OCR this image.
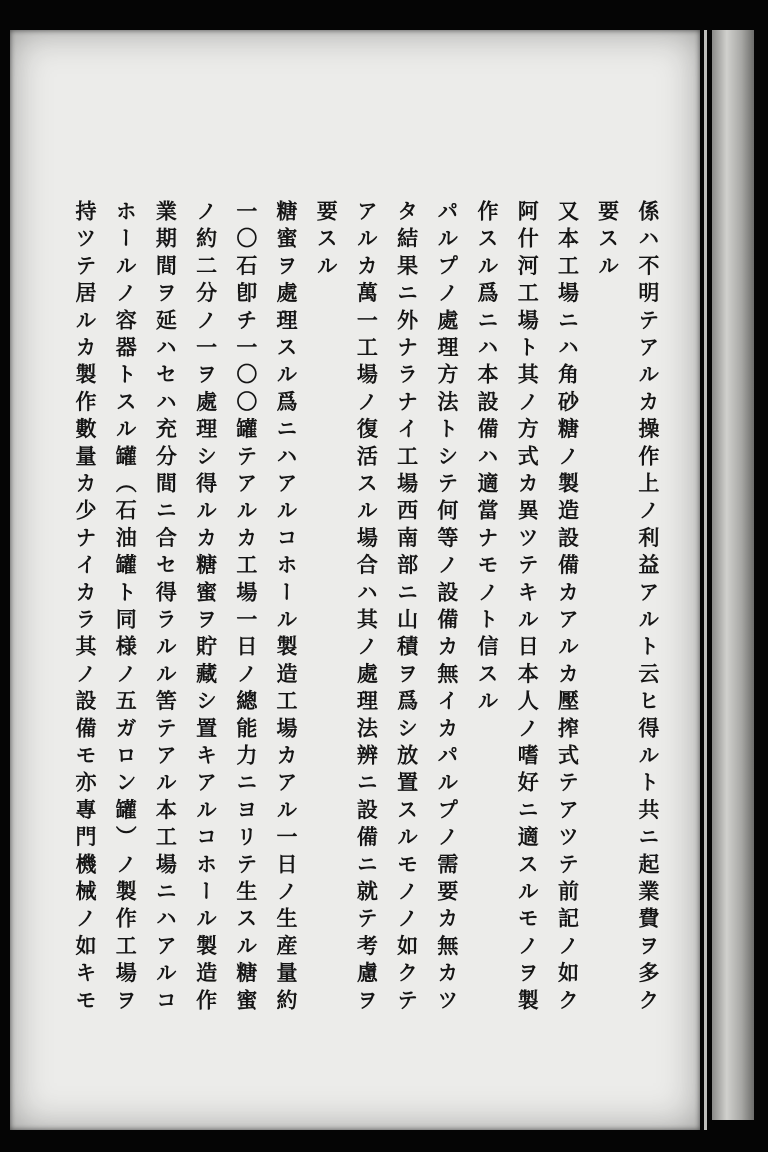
係ハ不明テアルカ操作上ノ利益アルト云ヒ得ルト共ニ起業費ヲ多ク
要スル
又本工場ニハ角砂糖ノ製造設備カアルカ壓搾式テアツテ前記ノ如ク
阿什河工場ト其ノ方式カ異ツテキル日本人ノ嗜好ニ適スルモノヲ製
作スル爲ニハ本設備ハ適當ナモノト信スル
パルプノ處理方法トシテ何等ノ設備カ無イカパルプノ需要カ無カツ
タ結果ニ外ナラナイ工場西南部ニ山積ヲ爲シ放置スルモノノ如クテ
アルカ萬一工場ノ復活スル場合ハ其ノ處理法辨ニ設備ニ就テ考慮ヲ
要スル
糖蜜ヲ處理スル爲ニハアルコホール製造工場カアル一日ノ生産量約
一〇石卽チ一〇〇罐テアルカ工場一日ノ總能力ニヨリテ生スル糖蜜
ノ約二分ノ一ヲ處理シ得ルカ糖蜜ヲ貯藏シ置キアルコホール製造作
業期間ヲ延ハセハ充分間ニ合セ得ラルル筈テアル本工場ニハアルコ
ホールノ容器トスル罐（石油罐ト同様ノ五ガロン罐）ノ製作工場ヲ
持ツテ居ルカ製作數量カ少ナイカラ其ノ設備モ亦專門機械ノ如キモ
